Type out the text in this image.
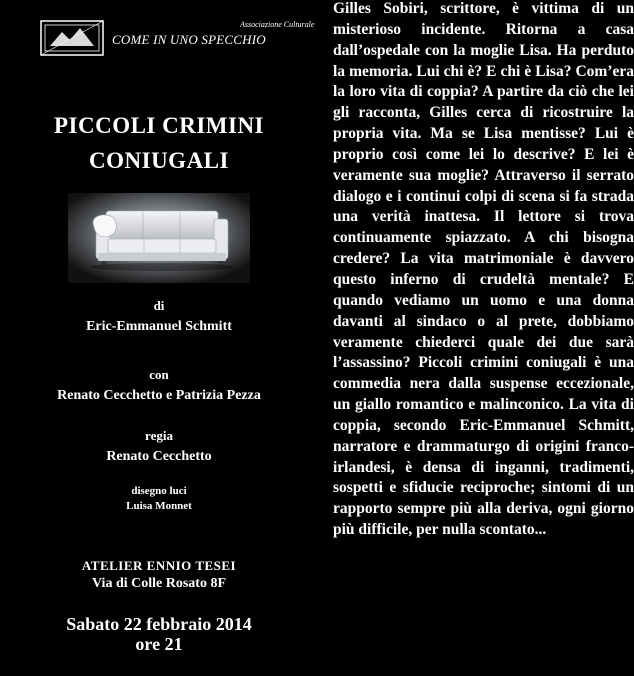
Associazione Culturale
COME IN UNO SPECCHIO
PICCOLI CRIMINI
CONIUGALI
di
Eric-Emmanuel Schmitt
con
Renato Cecchetto e Patrizia Pezza
regia
Renato Cecchetto
disegno luci
Luisa Monnet
ATELIER ENNIO TESEI
Via di Colle Rosato 8F
Sabato 22 febbraio 2014
ore 21

Gilles Sobiri, scrittore, è vittima di un misterioso incidente. Ritorna a casa dall’ospedale con la moglie Lisa. Ha perduto la memoria. Lui chi è? E chi è Lisa? Com’era la loro vita di coppia? A partire da ciò che lei gli racconta, Gilles cerca di ricostruire la propria vita. Ma se Lisa mentisse? Lui è proprio così come lei lo descrive? E lei è veramente sua moglie? Attraverso il serrato dialogo e i continui colpi di scena si fa strada una verità inattesa. Il lettore si trova continuamente spiazzato. A chi bisogna credere? La vita matrimoniale è davvero questo inferno di crudeltà mentale? E quando vediamo un uomo e una donna davanti al sindaco o al prete, dobbiamo veramente chiederci quale dei due sarà l’assassino? Piccoli crimini coniugali è una commedia nera dalla suspense eccezionale, un giallo romantico e malinconico. La vita di coppia, secondo Eric-Emmanuel Schmitt, narratore e drammaturgo di origini franco-irlandesi, è densa di inganni, tradimenti, sospetti e sfiducie reciproche; sintomi di un rapporto sempre più alla deriva, ogni giorno più difficile, per nulla scontato...
